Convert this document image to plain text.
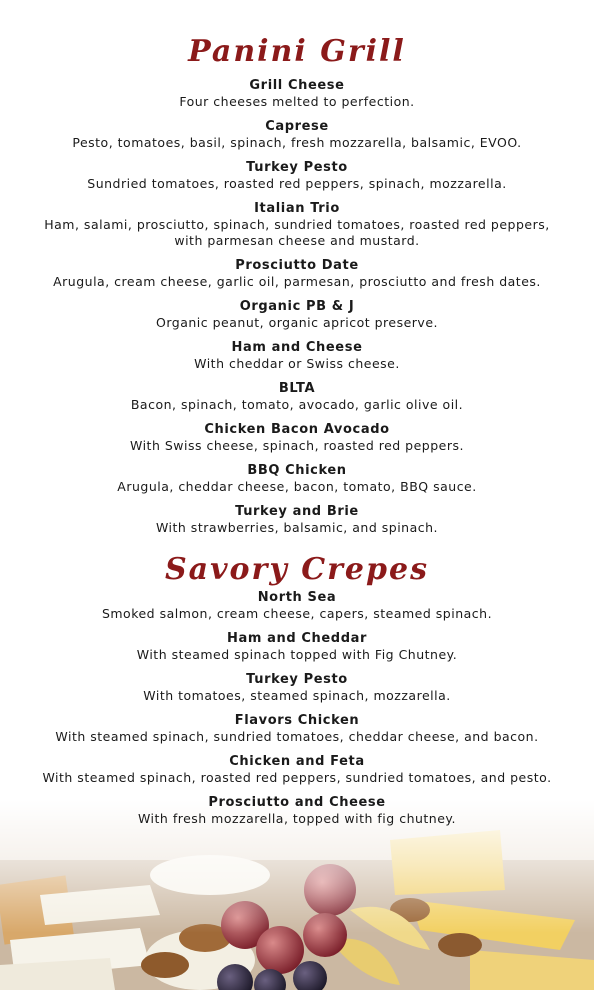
Panini Grill
Grill Cheese
Four cheeses melted to perfection.
Caprese
Pesto, tomatoes, basil, spinach, fresh mozzarella, balsamic, EVOO.
Turkey Pesto
Sundried tomatoes, roasted red peppers, spinach, mozzarella.
Italian Trio
Ham, salami, prosciutto, spinach, sundried tomatoes, roasted red peppers,
with parmesan cheese and mustard.
Prosciutto Date
Arugula, cream cheese, garlic oil, parmesan, prosciutto and fresh dates.
Organic PB & J
Organic peanut, organic apricot preserve.
Ham and Cheese
With cheddar or Swiss cheese.
BLTA
Bacon, spinach, tomato, avocado, garlic olive oil.
Chicken Bacon Avocado
With Swiss cheese, spinach, roasted red peppers.
BBQ Chicken
Arugula, cheddar cheese, bacon, tomato, BBQ sauce.
Turkey and Brie
With strawberries, balsamic, and spinach.
Savory Crepes
North Sea
Smoked salmon, cream cheese, capers, steamed spinach.
Ham and Cheddar
With steamed spinach topped with Fig Chutney.
Turkey Pesto
With tomatoes, steamed spinach, mozzarella.
Flavors Chicken
With steamed spinach, sundried tomatoes, cheddar cheese, and bacon.
Chicken and Feta
With steamed spinach, roasted red peppers, sundried tomatoes, and pesto.
Prosciutto and Cheese
With fresh mozzarella, topped with fig chutney.
